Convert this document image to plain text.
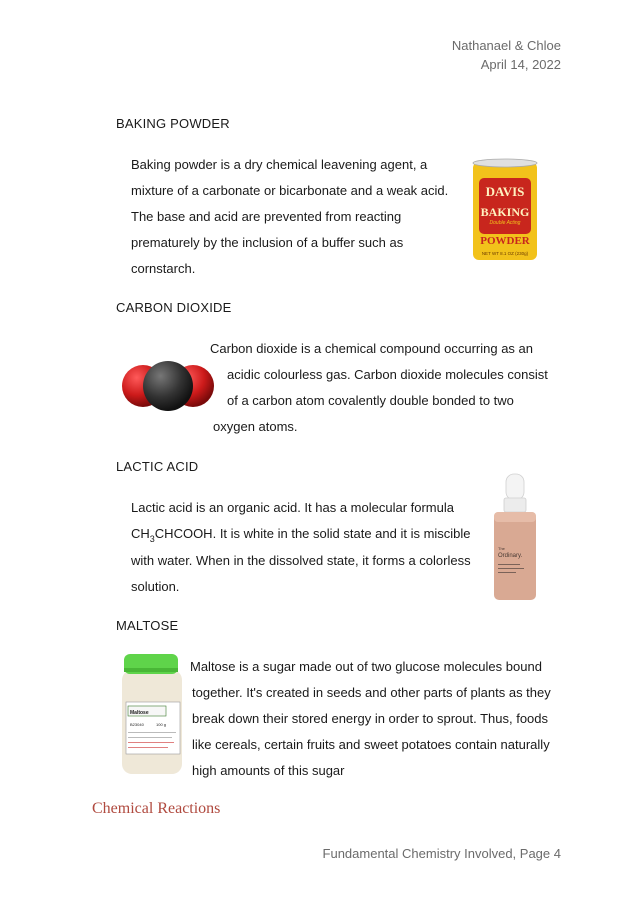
Nathanael & Chloe
April 14, 2022
BAKING POWDER
Baking powder is a dry chemical leavening agent, a
mixture of a carbonate or bicarbonate and a weak acid.
The base and acid are prevented from reacting
prematurely by the inclusion of a buffer such as
cornstarch.
DAVIS
BAKING
Double Acting
POWDER
NET WT 8.1 OZ (230g)
CARBON DIOXIDE
Carbon dioxide is a chemical compound occurring as an
acidic colourless gas. Carbon dioxide molecules consist
of a carbon atom covalently double bonded to two
oxygen atoms.
LACTIC ACID
Lactic acid is an organic acid. It has a molecular formula
$CH_3CHCOOH$. It is white in the solid state and it is miscible
with water. When in the dissolved state, it forms a colorless
solution.
The
Ordinary.
MALTOSE
Maltose
B23040	100 g
Maltose is a sugar made out of two glucose molecules bound
together. It's created in seeds and other parts of plants as they
break down their stored energy in order to sprout. Thus, foods
like cereals, certain fruits and sweet potatoes contain naturally
high amounts of this sugar
Chemical Reactions
Fundamental Chemistry Involved, Page 4
